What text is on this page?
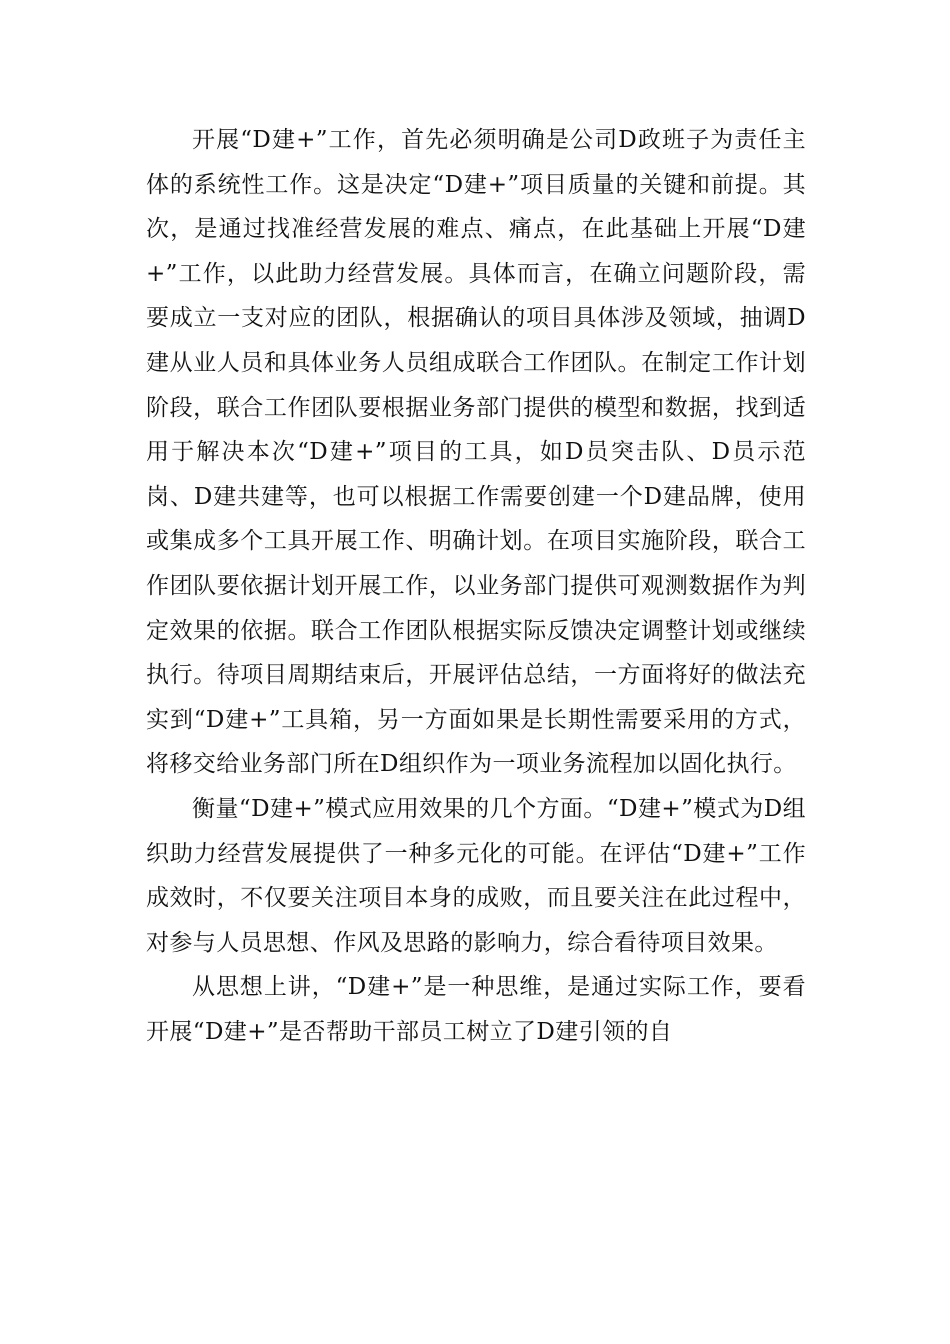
开展“D建+”工作，首先必须明确是公司D政班子为责任主体的系统性工作。这是决定“D建+”项目质量的关键和前提。其次，是通过找准经营发展的难点、痛点，在此基础上开展“D建+”工作，以此助力经营发展。具体而言，在确立问题阶段，需要成立一支对应的团队，根据确认的项目具体涉及领域，抽调D建从业人员和具体业务人员组成联合工作团队。在制定工作计划阶段，联合工作团队要根据业务部门提供的模型和数据，找到适用于解决本次“D建+”项目的工具，如D员突击队、D员示范岗、D建共建等，也可以根据工作需要创建一个D建品牌，使用或集成多个工具开展工作、明确计划。在项目实施阶段，联合工作团队要依据计划开展工作，以业务部门提供可观测数据作为判定效果的依据。联合工作团队根据实际反馈决定调整计划或继续执行。待项目周期结束后，开展评估总结，一方面将好的做法充实到“D建+”工具箱，另一方面如果是长期性需要采用的方式，将移交给业务部门所在D组织作为一项业务流程加以固化执行。

衡量“D建+”模式应用效果的几个方面。“D建+”模式为D组织助力经营发展提供了一种多元化的可能。在评估“D建+”工作成效时，不仅要关注项目本身的成败，而且要关注在此过程中，对参与人员思想、作风及思路的影响力，综合看待项目效果。

从思想上讲，“D建+”是一种思维，是通过实际工作，要看开展“D建+”是否帮助干部员工树立了D建引领的自
